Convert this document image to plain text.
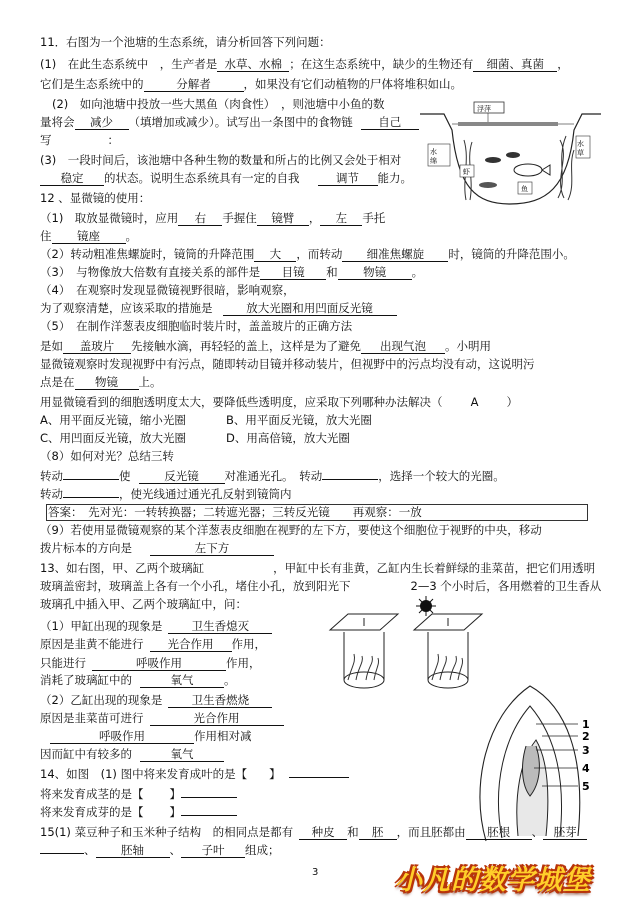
11．右图为一个池塘的生态系统，请分析回答下列问题：
(1)　在此生态系统中　，生产者是 水草、水棉 ；在这生态系统中，缺少的生物还有 细菌、真菌 ，
它们是生态系统中的	分解者	，如果没有它们动植物的尸体将堆积如山。
(2)　如向池塘中投放一些大黑鱼（肉食性）　，则池塘中小鱼的数
量将会 减少 （填增加或减少）。试写出一条图中的食物链 自己
写	：
(3)　一段时间后，该池塘中各种生物的数量和所占的比例又会处于相对
稳定 的状态。说明生态系统具有一定的自我	调节 能力。
浮萍
水
绵
水
草
虾
鱼
12 、显微镜的使用：
（1)　取放显微镜时，应用 右 手握住 镜臂 ， 左 手托
住 镜座 。
（2）转动粗准焦螺旋时，镜筒的升降范围 大 ，而转动 细准焦螺旋 时，镜筒的升降范围小。
（3）　与物像放大倍数有直接关系的部件是 目镜 和 物镜 。
（4）　在观察时发现显微镜视野很暗，影响观察，
为了观察清楚，应该采取的措施是	放大光圈和用凹面反光镜
（5）　在制作洋葱表皮细胞临时装片时，盖盖玻片的正确方法
是如 盖玻片 先接触水滴，再轻轻的盖上，这样是为了避免 出现气泡 。小明用
显微镜观察时发现视野中有污点，随即转动目镜并移动装片，但视野中的污点均没有动，这说明污
点是在 物镜 上。
用显微镜看到的细胞透明度太大，要降低些透明度，应采取下列哪种办法解决（ A ）
A、用平面反光镜，缩小光圈	B、用平面反光镜，放大光圈
C、用凹面反光镜，放大光圈	D、用高倍镜，放大光圈
（8）如何对光？总结三转
转动	使	反光镜 对准通光孔。　转动	，选择一个较大的光圈。
转动	，使光线通过通光孔反射到镜筒内
答案：　先对光：一转转换器；二转遮光器；三转反光镜　　再观察：一放
（9）若使用显微镜观察的某个洋葱表皮细胞在视野的左下方，要使这个细胞位于视野的中央，移动
拨片标本的方向是	左下方
13、如右图，甲、乙两个玻璃缸　　　　　　，甲缸中长有韭黄，乙缸内生长着鲜绿的韭菜苗，把它们用透明
玻璃盖密封，玻璃盖上各有一个小孔，堵住小孔，放到阳光下	2—3 个小时后，各用燃着的卫生香从
玻璃孔中插入甲、乙两个玻璃缸中，问：
（1）甲缸出现的现象是	卫生香熄灭
原因是韭黄不能进行 光合作用 作用，
只能进行	呼吸作用	作用，
消耗了玻璃缸中的	氧气	。
（2）乙缸出现的现象是	卫生香燃烧
原因是韭菜苗可进行	光合作用
呼吸作用	作用相对减
因而缸中有较多的	氧气
1
2
3
4
5
14、如图　(1) 图中将来发育成叶的是【 】
将来发育成茎的是【 】
将来发育成芽的是【 】
15(1) 菜豆种子和玉米种子结构　的相同点是都有 种皮 和 胚 ，而且胚都由 胚根 、 胚芽
、 胚轴 、 子叶 组成；
3	小凡的数学城堡
